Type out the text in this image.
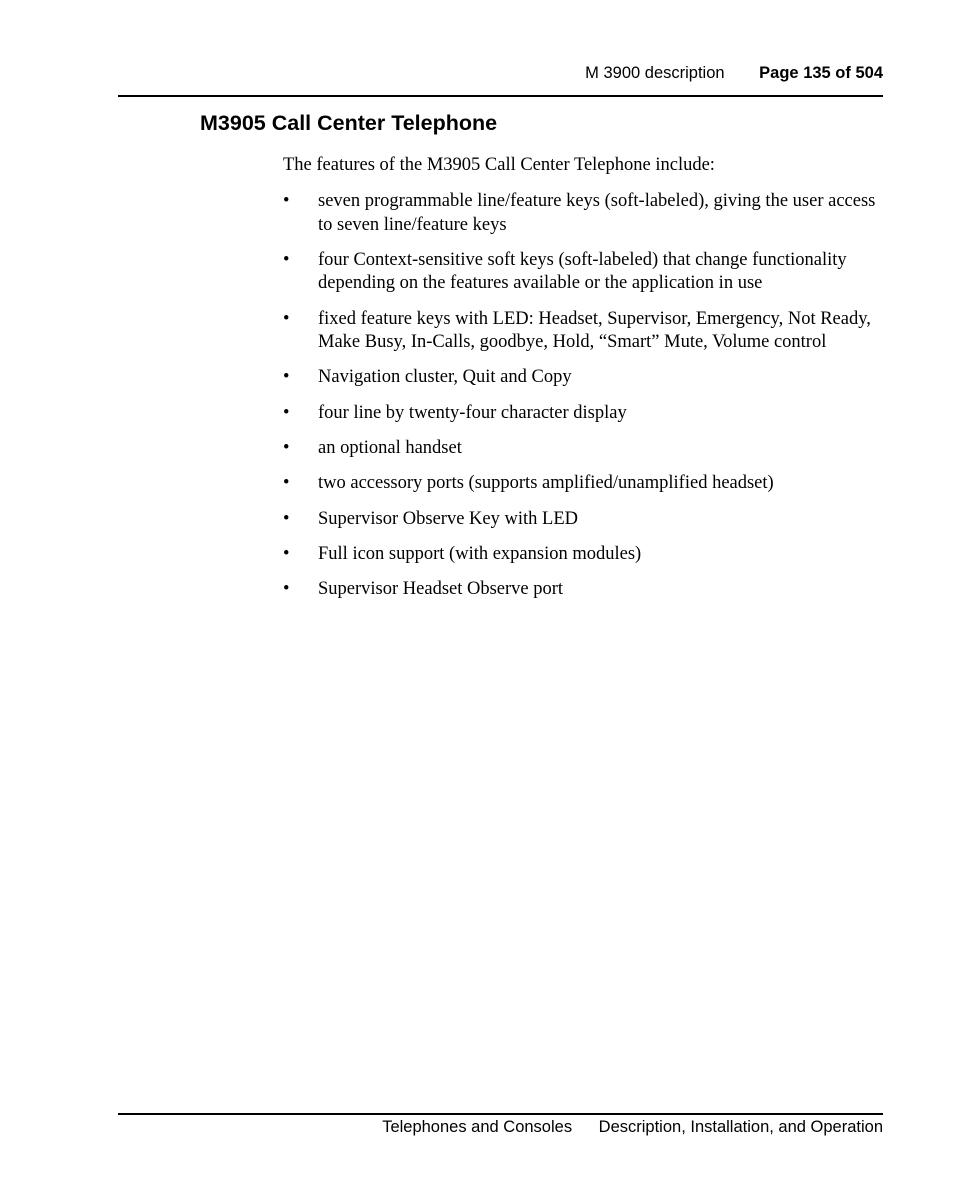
M 3900 description Page 135 of 504
M3905 Call Center Telephone

The features of the M3905 Call Center Telephone include:

• seven programmable line/feature keys (soft-labeled), giving the user access to seven line/feature keys
• four Context-sensitive soft keys (soft-labeled) that change functionality depending on the features available or the application in use
• fixed feature keys with LED: Headset, Supervisor, Emergency, Not Ready, Make Busy, In-Calls, goodbye, Hold, “Smart” Mute, Volume control
• Navigation cluster, Quit and Copy
• four line by twenty-four character display
• an optional handset
• two accessory ports (supports amplified/unamplified headset)
• Supervisor Observe Key with LED
• Full icon support (with expansion modules)
• Supervisor Headset Observe port
Telephones and Consoles Description, Installation, and Operation
